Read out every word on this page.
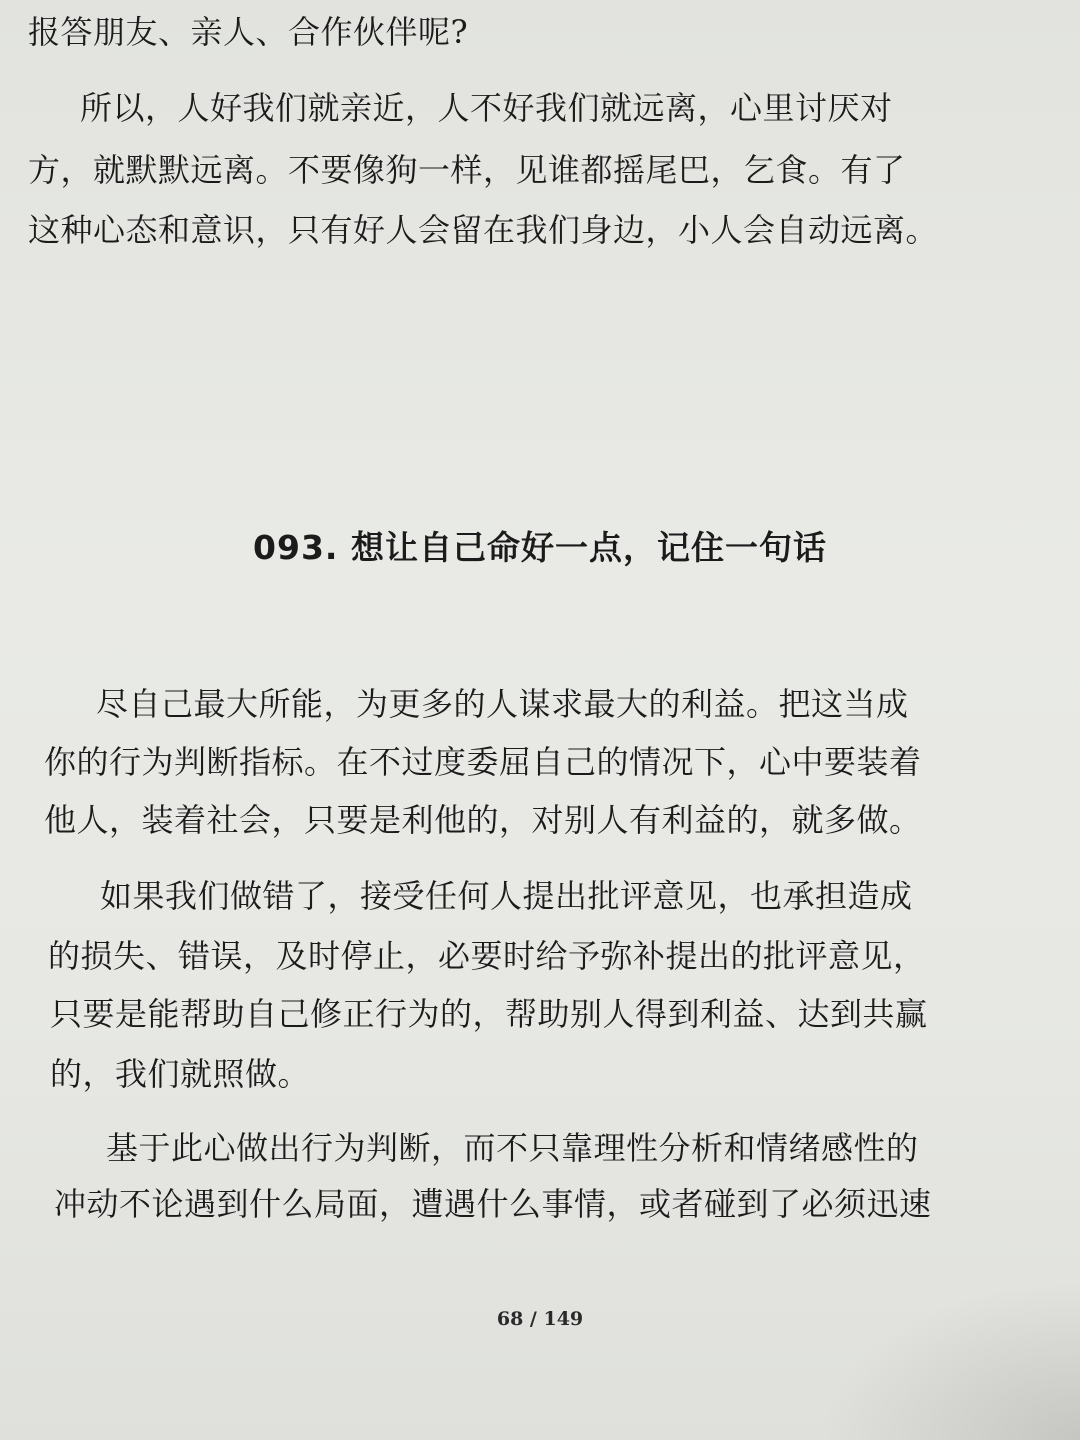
报答朋友、亲人、合作伙伴呢?
所以，人好我们就亲近，人不好我们就远离，心里讨厌对
方，就默默远离。不要像狗一样，见谁都摇尾巴，乞食。有了
这种心态和意识，只有好人会留在我们身边，小人会自动远离。
093. 想让自己命好一点，记住一句话
尽自己最大所能，为更多的人谋求最大的利益。把这当成
你的行为判断指标。在不过度委屈自己的情况下，心中要装着
他人，装着社会，只要是利他的，对别人有利益的，就多做。
如果我们做错了，接受任何人提出批评意见，也承担造成
的损失、错误，及时停止，必要时给予弥补提出的批评意见，
只要是能帮助自己修正行为的，帮助别人得到利益、达到共赢
的，我们就照做。
基于此心做出行为判断，而不只靠理性分析和情绪感性的
冲动不论遇到什么局面，遭遇什么事情，或者碰到了必须迅速
68 / 149
